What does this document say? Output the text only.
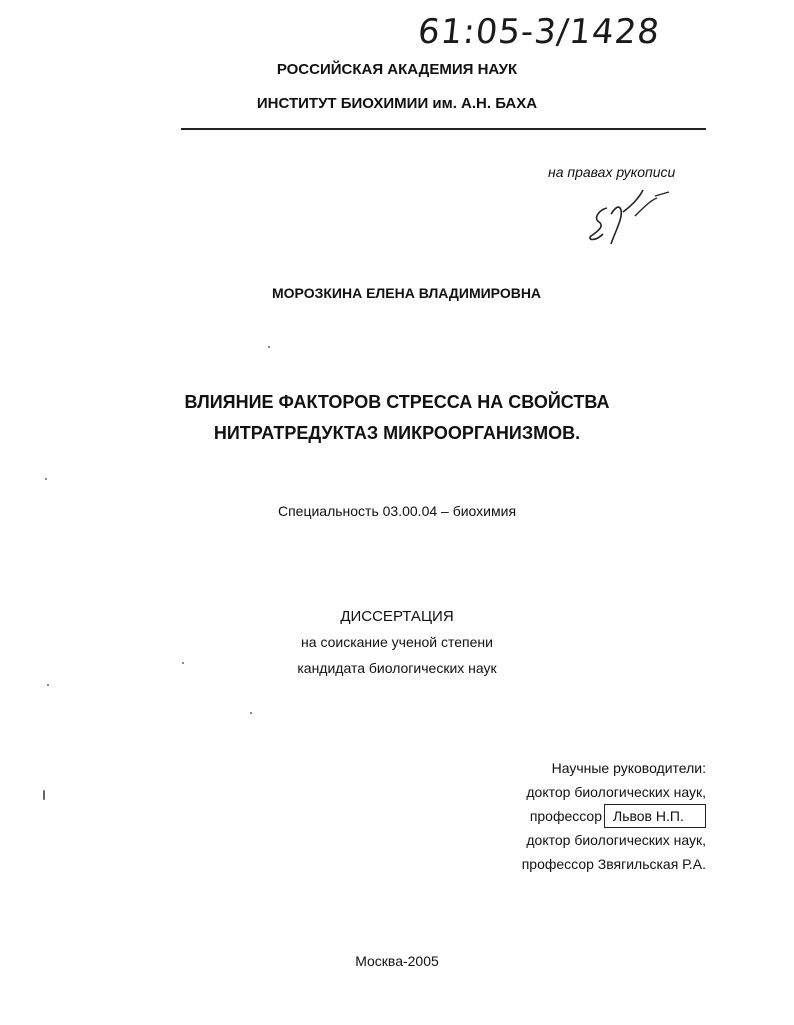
61:05-3/1428
РОССИЙСКАЯ АКАДЕМИЯ НАУК
ИНСТИТУТ БИОХИМИИ им. А.Н. БАХА
на правах рукописи
МОРОЗКИНА ЕЛЕНА ВЛАДИМИРОВНА
ВЛИЯНИЕ ФАКТОРОВ СТРЕССА НА СВОЙСТВА
НИТРАТРЕДУКТАЗ МИКРООРГАНИЗМОВ.
Специальность 03.00.04 – биохимия
ДИССЕРТАЦИЯ
на соискание ученой степени
кандидата биологических наук
Научные руководители:
доктор биологических наук,
профессор Львов Н.П.
доктор биологических наук,
профессор Звягильская Р.А.
Москва-2005
